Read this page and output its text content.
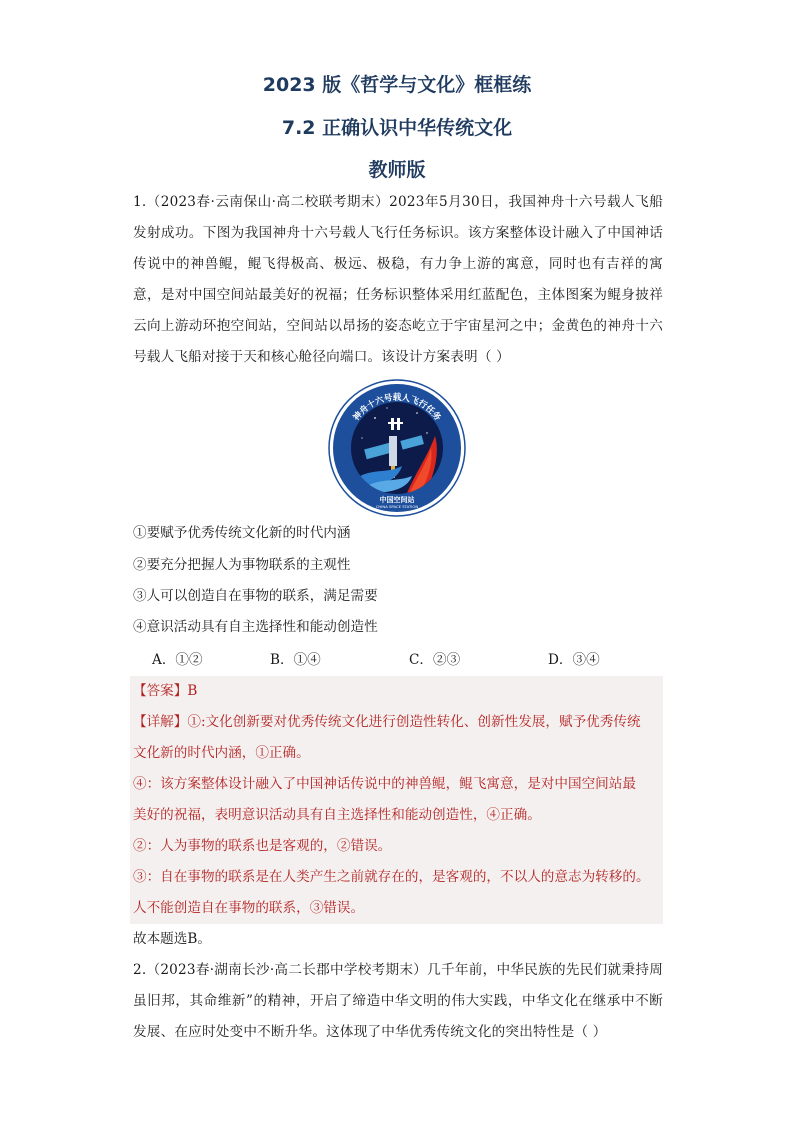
2023 版《哲学与文化》框框练
7.2 正确认识中华传统文化
教师版
1.（2023春·云南保山·高二校联考期末）2023年5月30日，我国神舟十六号载人飞船发射成功。下图为我国神舟十六号载人飞行任务标识。该方案整体设计融入了中国神话传说中的神兽鲲，鲲飞得极高、极远、极稳，有力争上游的寓意，同时也有吉祥的寓意，是对中国空间站最美好的祝福；任务标识整体采用红蓝配色，主体图案为鲲身披祥云向上游动环抱空间站，空间站以昂扬的姿态屹立于宇宙星河之中；金黄色的神舟十六号载人飞船对接于天和核心舱径向端口。该设计方案表明（ ）
神舟十六号载人飞行任务
中国空间站
CHINA SPACE STATION
①要赋予优秀传统文化新的时代内涵
②要充分把握人为事物联系的主观性
③人可以创造自在事物的联系，满足需要
④意识活动具有自主选择性和能动创造性
A．①②	B．①④	C．②③	D．③④
【答案】B
【详解】①:文化创新要对优秀传统文化进行创造性转化、创新性发展，赋予优秀传统
文化新的时代内涵，①正确。
④：该方案整体设计融入了中国神话传说中的神兽鲲，鲲飞寓意，是对中国空间站最
美好的祝福，表明意识活动具有自主选择性和能动创造性，④正确。
②：人为事物的联系也是客观的，②错误。
③：自在事物的联系是在人类产生之前就存在的，是客观的，不以人的意志为转移的。
人不能创造自在事物的联系，③错误。
故本题选B。
2.（2023春·湖南长沙·高二长郡中学校考期末）几千年前，中华民族的先民们就秉持周虽旧邦，其命维新”的精神，开启了缔造中华文明的伟大实践，中华文化在继承中不断发展、在应时处变中不断升华。这体现了中华优秀传统文化的突出特性是（ ）
